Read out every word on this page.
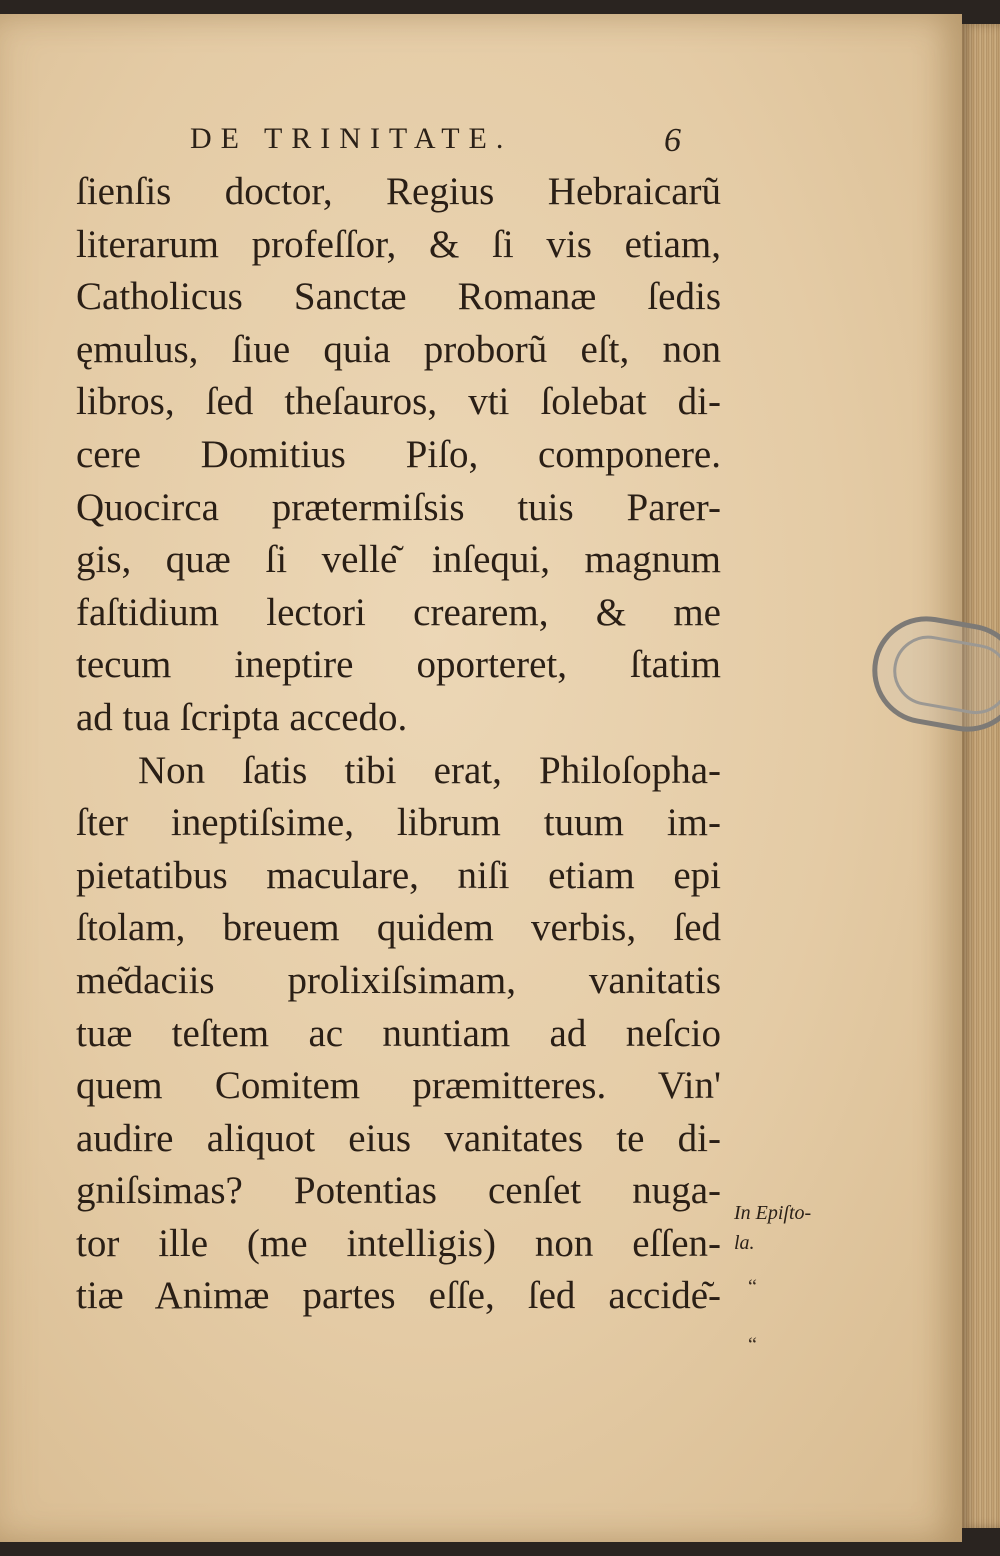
DE TRINITATE.	6
ſienſis doctor, Regius Hebraicarũ
literarum profeſſor, & ſi vis etiam,
Catholicus Sanctæ Romanæ ſedis
ęmulus, ſiue quia proborũ eſt, non
libros, ſed theſauros, vti ſolebat di-
cere Domitius Piſo, componere.
Quocirca prætermiſsis tuis Parer-
gis, quæ ſi velle͂ inſequi, magnum
faſtidium lectori crearem, & me
tecum ineptire oporteret, ſtatim
ad tua ſcripta accedo.
Non ſatis tibi erat, Philoſopha-
ſter ineptiſsime, librum tuum im-
pietatibus maculare, niſi etiam epi
ſtolam, breuem quidem verbis, ſed
me͂daciis prolixiſsimam, vanitatis
tuæ teſtem ac nuntiam ad neſcio
quem Comitem præmitteres. Vin'
audire aliquot eius vanitates te di-
gniſsimas? Potentias cenſet nuga-
tor ille (me intelligis) non eſſen-
tiæ Animæ partes eſſe, ſed accide͂-
In Epiſto-
la.
“
“
